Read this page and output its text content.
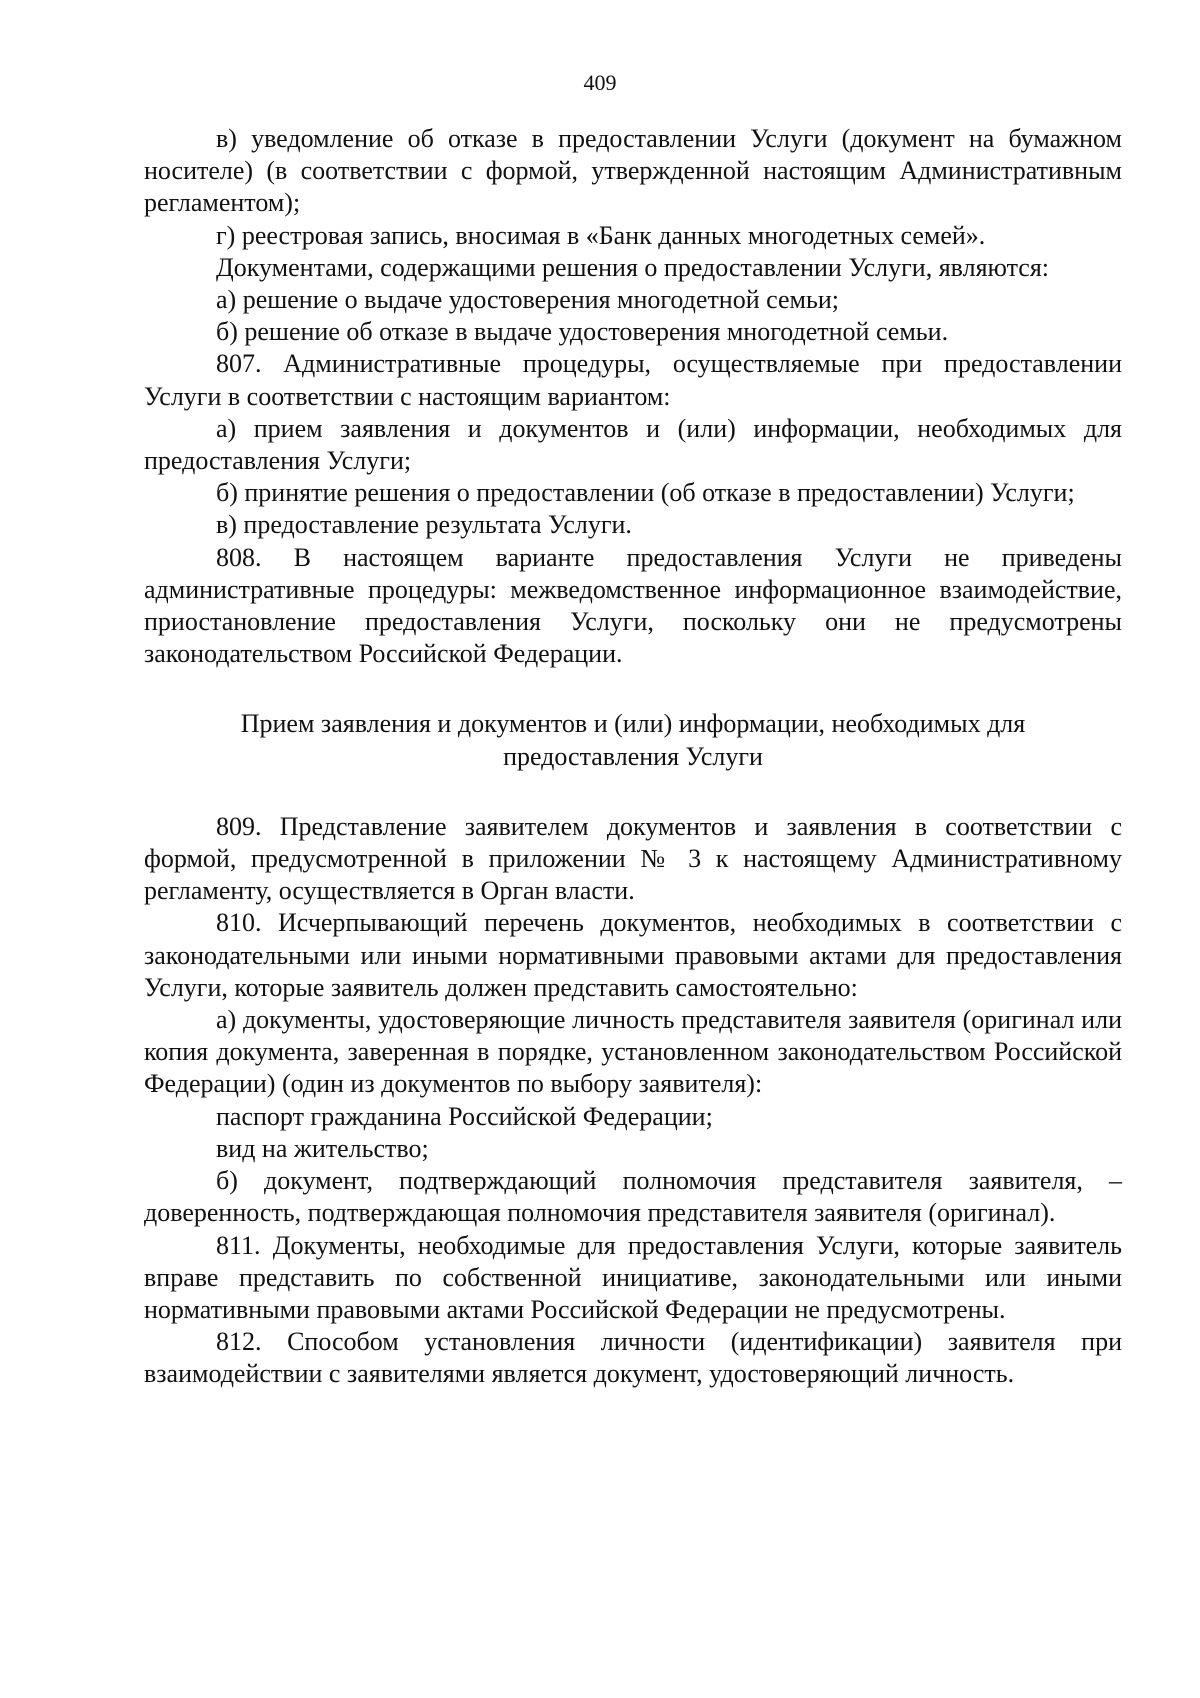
409

в) уведомление об отказе в предоставлении Услуги (документ на бумажном носителе) (в соответствии с формой, утвержденной настоящим Административным регламентом);

г) реестровая запись, вносимая в «Банк данных многодетных семей».

Документами, содержащими решения о предоставлении Услуги, являются:

а) решение о выдаче удостоверения многодетной семьи;

б) решение об отказе в выдаче удостоверения многодетной семьи.

807. Административные процедуры, осуществляемые при предоставлении Услуги в соответствии с настоящим вариантом:

а) прием заявления и документов и (или) информации, необходимых для предоставления Услуги;

б) принятие решения о предоставлении (об отказе в предоставлении) Услуги;

в) предоставление результата Услуги.

808. В настоящем варианте предоставления Услуги не приведены административные процедуры: межведомственное информационное взаимодействие, приостановление предоставления Услуги, поскольку они не предусмотрены законодательством Российской Федерации.

Прием заявления и документов и (или) информации, необходимых для
предоставления Услуги

809. Представление заявителем документов и заявления в соответствии с формой, предусмотренной в приложении № 3 к настоящему Административному регламенту, осуществляется в Орган власти.

810. Исчерпывающий перечень документов, необходимых в соответствии с законодательными или иными нормативными правовыми актами для предоставления Услуги, которые заявитель должен представить самостоятельно:

а) документы, удостоверяющие личность представителя заявителя (оригинал или копия документа, заверенная в порядке, установленном законодательством Российской Федерации) (один из документов по выбору заявителя):

паспорт гражданина Российской Федерации;

вид на жительство;

б) документ, подтверждающий полномочия представителя заявителя, – доверенность, подтверждающая полномочия представителя заявителя (оригинал).

811. Документы, необходимые для предоставления Услуги, которые заявитель вправе представить по собственной инициативе, законодательными или иными нормативными правовыми актами Российской Федерации не предусмотрены.

812. Способом установления личности (идентификации) заявителя при взаимодействии с заявителями является документ, удостоверяющий личность.
